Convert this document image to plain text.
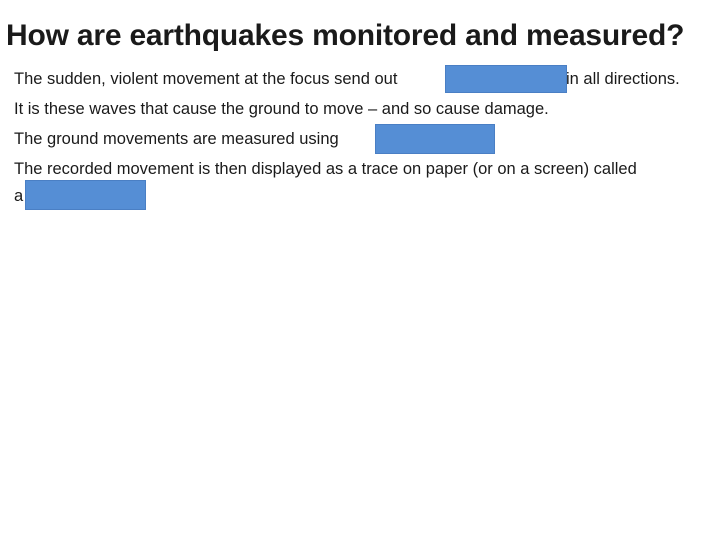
How are earthquakes monitored and measured?
The sudden, violent movement at the focus send out	in all directions.
It is these waves that cause the ground to move – and so cause damage.
The ground movements are measured using
The recorded movement is then displayed as a trace on paper (or on a screen) called
a
